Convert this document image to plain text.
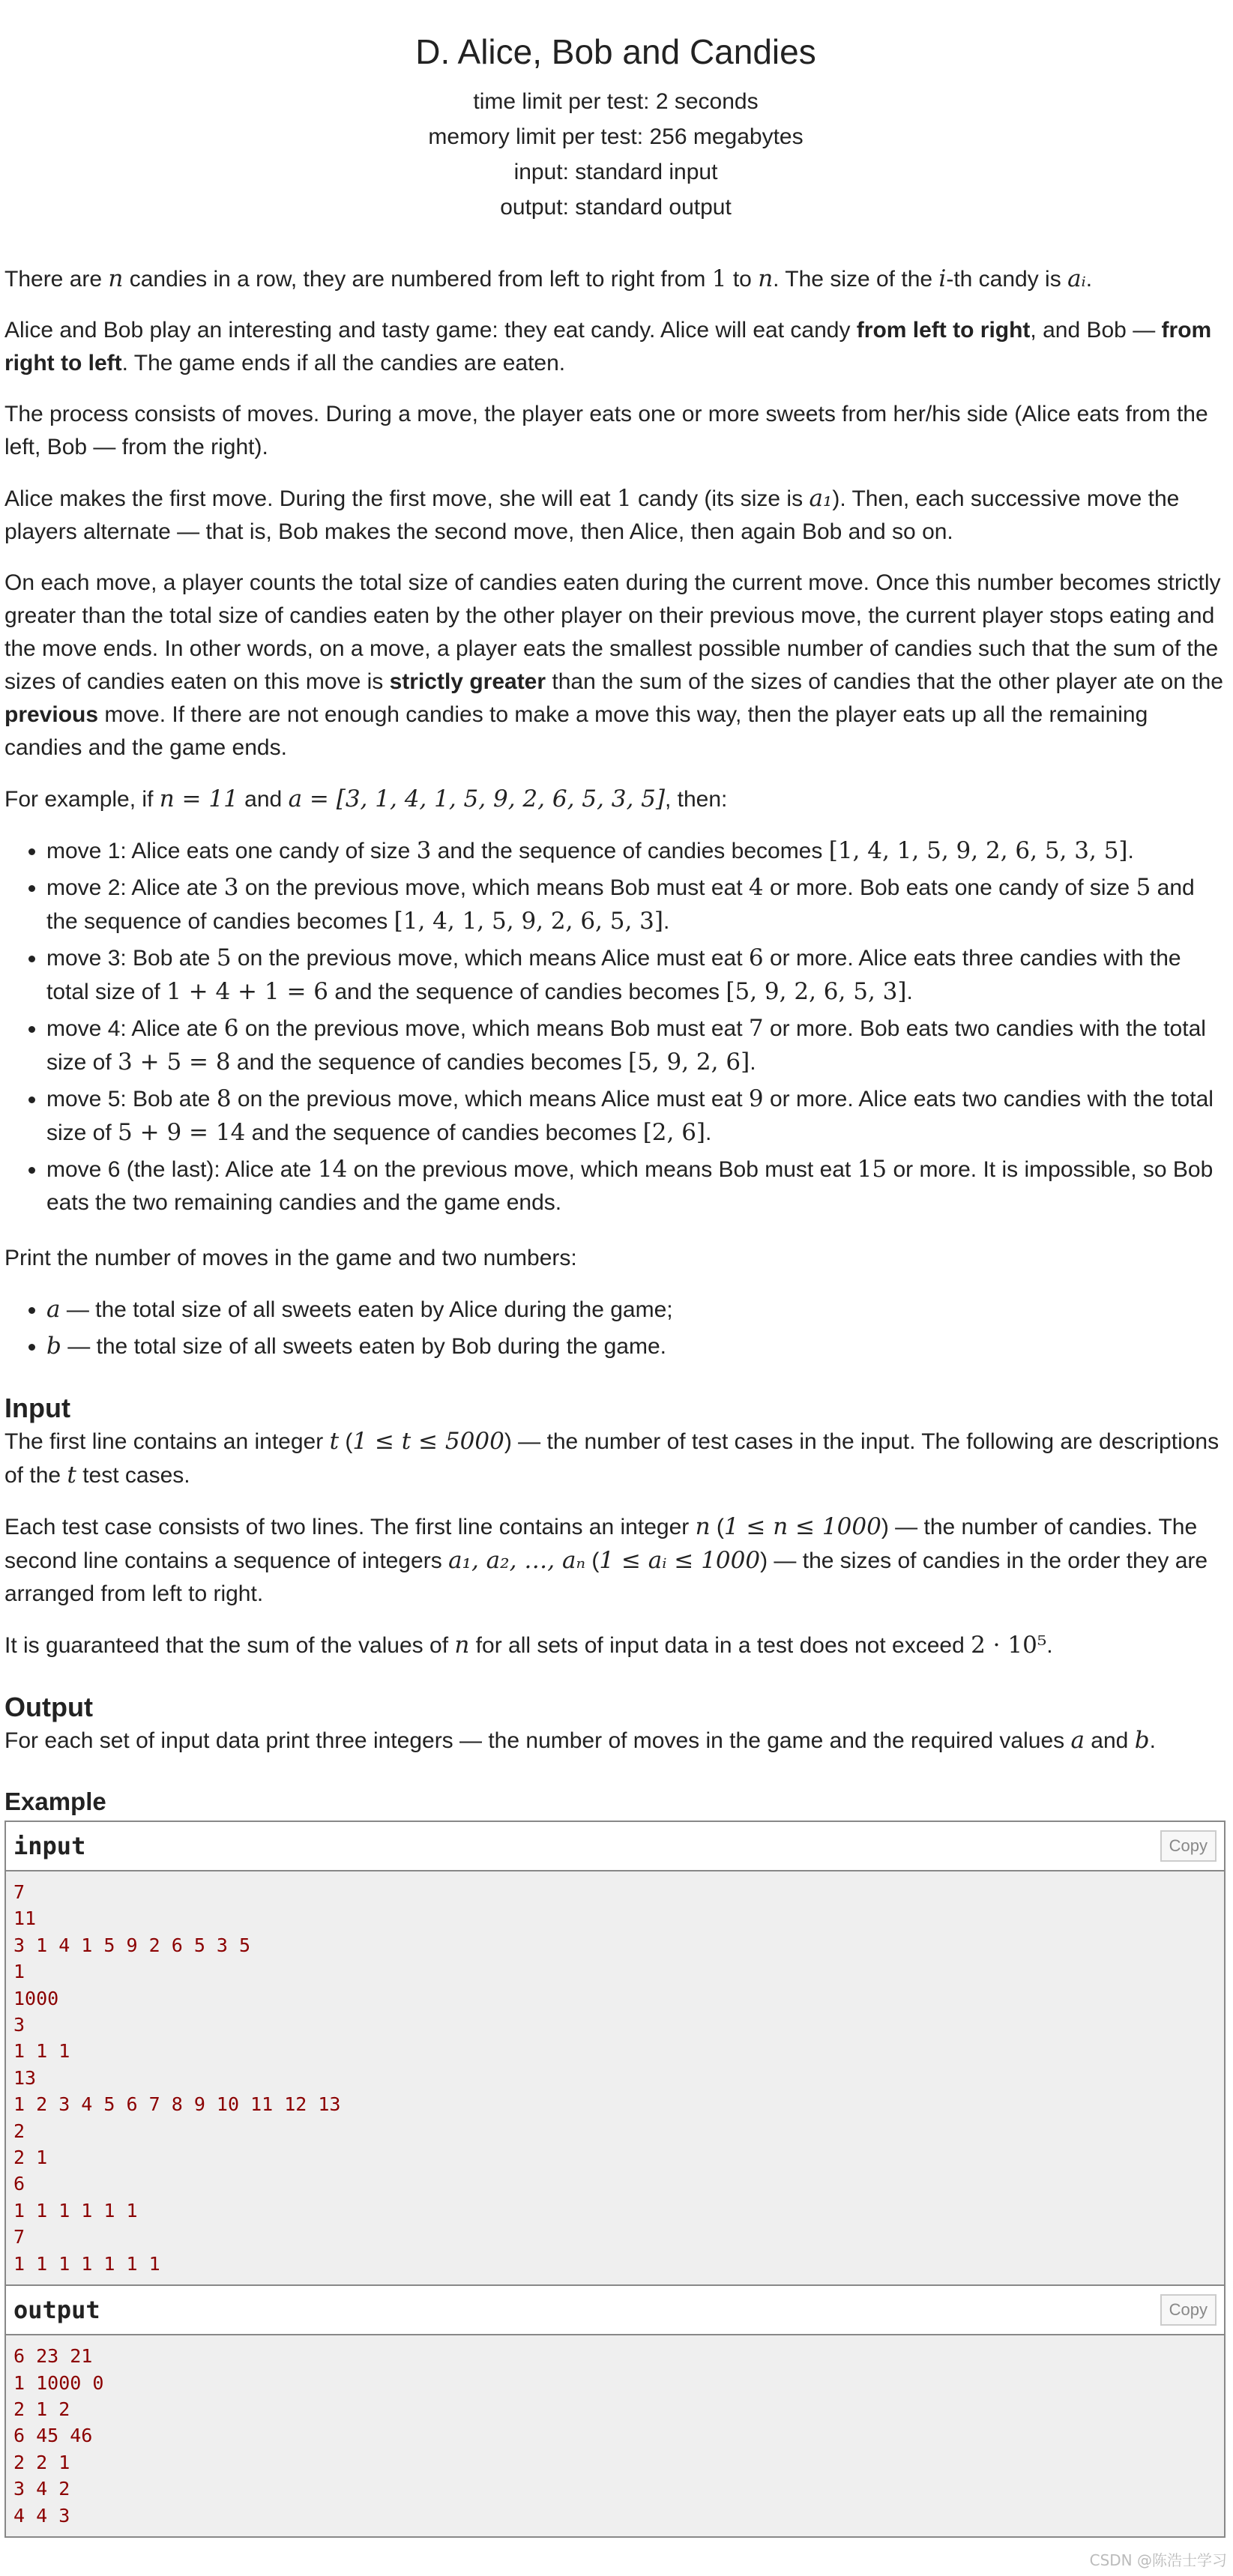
D. Alice, Bob and Candies
time limit per test: 2 seconds
memory limit per test: 256 megabytes
input: standard input
output: standard output

There are n candies in a row, they are numbered from left to right from 1 to n. The size of the i-th candy is aᵢ.

Alice and Bob play an interesting and tasty game: they eat candy. Alice will eat candy from left to right, and Bob — from right to left. The game ends if all the candies are eaten.

The process consists of moves. During a move, the player eats one or more sweets from her/his side (Alice eats from the left, Bob — from the right).

Alice makes the first move. During the first move, she will eat 1 candy (its size is a₁). Then, each successive move the players alternate — that is, Bob makes the second move, then Alice, then again Bob and so on.

On each move, a player counts the total size of candies eaten during the current move. Once this number becomes strictly greater than the total size of candies eaten by the other player on their previous move, the current player stops eating and the move ends. In other words, on a move, a player eats the smallest possible number of candies such that the sum of the sizes of candies eaten on this move is strictly greater than the sum of the sizes of candies that the other player ate on the previous move. If there are not enough candies to make a move this way, then the player eats up all the remaining candies and the game ends.

For example, if n = 11 and a = [3, 1, 4, 1, 5, 9, 2, 6, 5, 3, 5], then:

• move 1: Alice eats one candy of size 3 and the sequence of candies becomes [1, 4, 1, 5, 9, 2, 6, 5, 3, 5].
• move 2: Alice ate 3 on the previous move, which means Bob must eat 4 or more. Bob eats one candy of size 5 and the sequence of candies becomes [1, 4, 1, 5, 9, 2, 6, 5, 3].
• move 3: Bob ate 5 on the previous move, which means Alice must eat 6 or more. Alice eats three candies with the total size of 1 + 4 + 1 = 6 and the sequence of candies becomes [5, 9, 2, 6, 5, 3].
• move 4: Alice ate 6 on the previous move, which means Bob must eat 7 or more. Bob eats two candies with the total size of 3 + 5 = 8 and the sequence of candies becomes [5, 9, 2, 6].
• move 5: Bob ate 8 on the previous move, which means Alice must eat 9 or more. Alice eats two candies with the total size of 5 + 9 = 14 and the sequence of candies becomes [2, 6].
• move 6 (the last): Alice ate 14 on the previous move, which means Bob must eat 15 or more. It is impossible, so Bob eats the two remaining candies and the game ends.

Print the number of moves in the game and two numbers:

• a — the total size of all sweets eaten by Alice during the game;
• b — the total size of all sweets eaten by Bob during the game.
Input

The first line contains an integer t (1 ≤ t ≤ 5000) — the number of test cases in the input. The following are descriptions of the t test cases.

Each test case consists of two lines. The first line contains an integer n (1 ≤ n ≤ 1000) — the number of candies. The second line contains a sequence of integers a₁, a₂, …, aₙ (1 ≤ aᵢ ≤ 1000) — the sizes of candies in the order they are arranged from left to right.

It is guaranteed that the sum of the values of n for all sets of input data in a test does not exceed 2 · 10⁵.

Output

For each set of input data print three integers — the number of moves in the game and the required values a and b.

Example
input	Copy
7
11
3 1 4 1 5 9 2 6 5 3 5
1
1000
3
1 1 1
13
1 2 3 4 5 6 7 8 9 10 11 12 13
2
2 1
6
1 1 1 1 1 1
7
1 1 1 1 1 1 1
output	Copy
6 23 21
1 1000 0
2 1 2
6 45 46
2 2 1
3 4 2
4 4 3
CSDN @陈浩士学习
